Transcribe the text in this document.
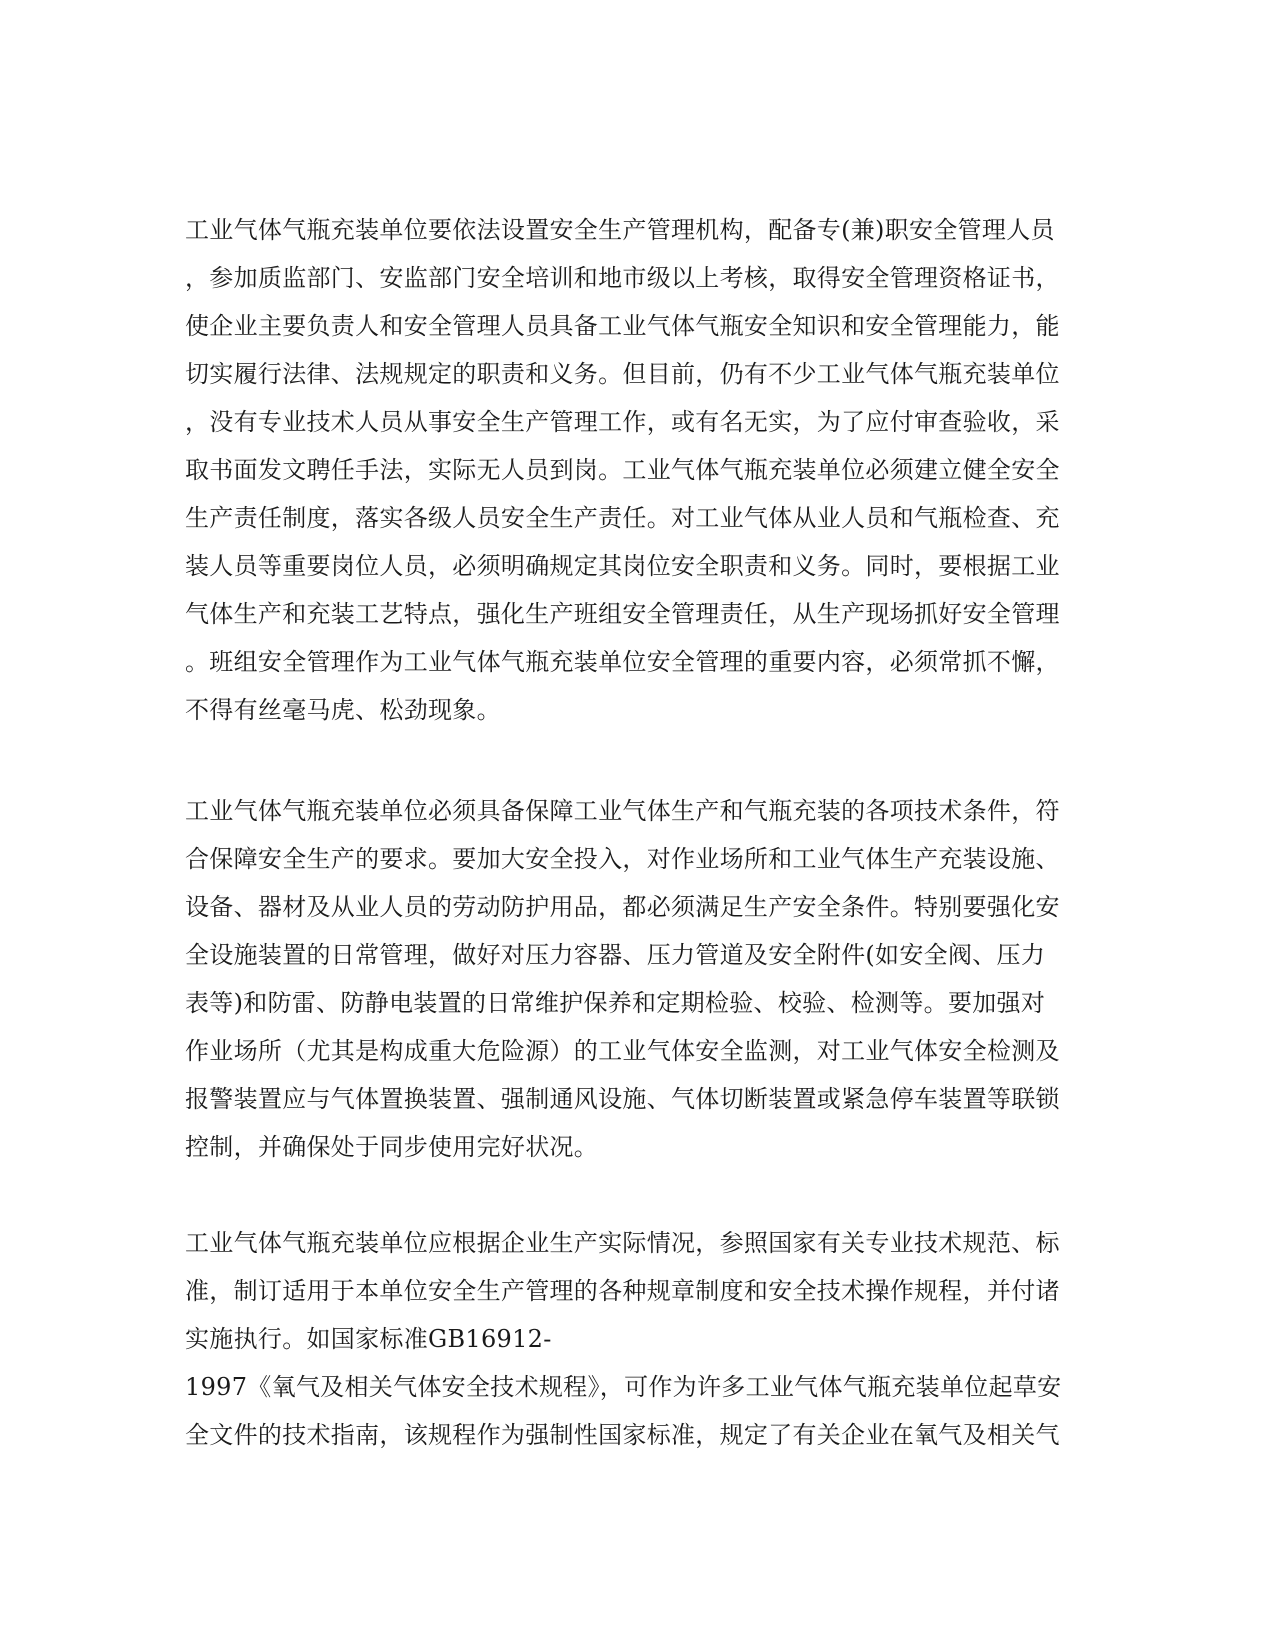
工业气体气瓶充装单位要依法设置安全生产管理机构，配备专(兼)职安全管理人员
，参加质监部门、安监部门安全培训和地市级以上考核，取得安全管理资格证书，
使企业主要负责人和安全管理人员具备工业气体气瓶安全知识和安全管理能力，能
切实履行法律、法规规定的职责和义务。但目前，仍有不少工业气体气瓶充装单位
，没有专业技术人员从事安全生产管理工作，或有名无实，为了应付审查验收，采
取书面发文聘任手法，实际无人员到岗。工业气体气瓶充装单位必须建立健全安全
生产责任制度，落实各级人员安全生产责任。对工业气体从业人员和气瓶检查、充
装人员等重要岗位人员，必须明确规定其岗位安全职责和义务。同时，要根据工业
气体生产和充装工艺特点，强化生产班组安全管理责任，从生产现场抓好安全管理
。班组安全管理作为工业气体气瓶充装单位安全管理的重要内容，必须常抓不懈，
不得有丝毫马虎、松劲现象。
工业气体气瓶充装单位必须具备保障工业气体生产和气瓶充装的各项技术条件，符
合保障安全生产的要求。要加大安全投入，对作业场所和工业气体生产充装设施、
设备、器材及从业人员的劳动防护用品，都必须满足生产安全条件。特别要强化安
全设施装置的日常管理，做好对压力容器、压力管道及安全附件(如安全阀、压力
表等)和防雷、防静电装置的日常维护保养和定期检验、校验、检测等。要加强对
作业场所（尤其是构成重大危险源）的工业气体安全监测，对工业气体安全检测及
报警装置应与气体置换装置、强制通风设施、气体切断装置或紧急停车装置等联锁
控制，并确保处于同步使用完好状况。
工业气体气瓶充装单位应根据企业生产实际情况，参照国家有关专业技术规范、标
准，制订适用于本单位安全生产管理的各种规章制度和安全技术操作规程，并付诸
实施执行。如国家标准GB16912-
1997《氧气及相关气体安全技术规程》，可作为许多工业气体气瓶充装单位起草安
全文件的技术指南，该规程作为强制性国家标准，规定了有关企业在氧气及相关气
